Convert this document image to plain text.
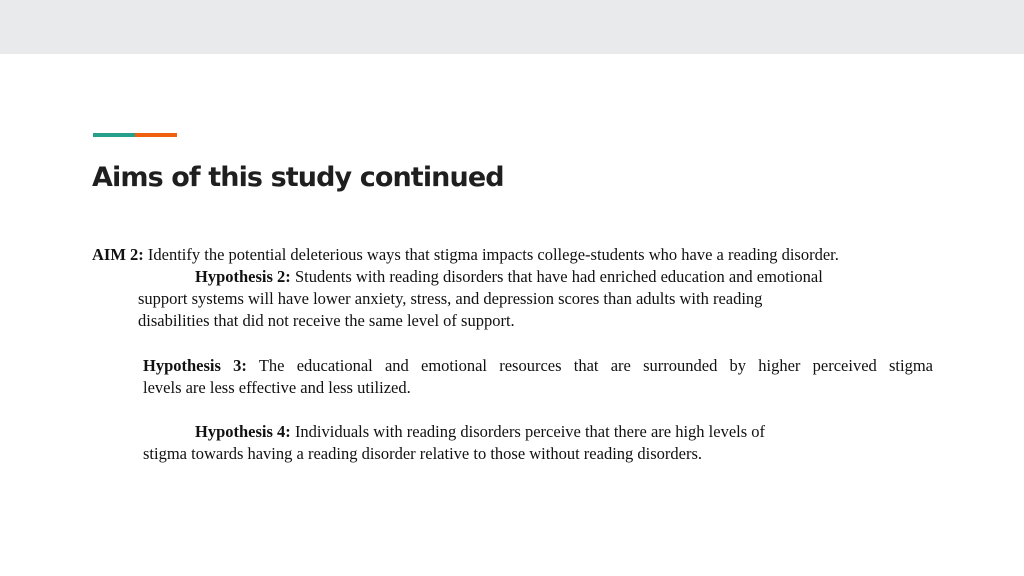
Aims of this study continued
AIM 2: Identify the potential deleterious ways that stigma impacts college-students who have a reading disorder.
Hypothesis 2: Students with reading disorders that have had enriched education and emotional
support systems will have lower anxiety, stress, and depression scores than adults with reading
disabilities that did not receive the same level of support.
Hypothesis 3: The educational and emotional resources that are surrounded by higher perceived stigma
levels are less effective and less utilized.
Hypothesis 4: Individuals with reading disorders perceive that there are high levels of
stigma towards having a reading disorder relative to those without reading disorders.
